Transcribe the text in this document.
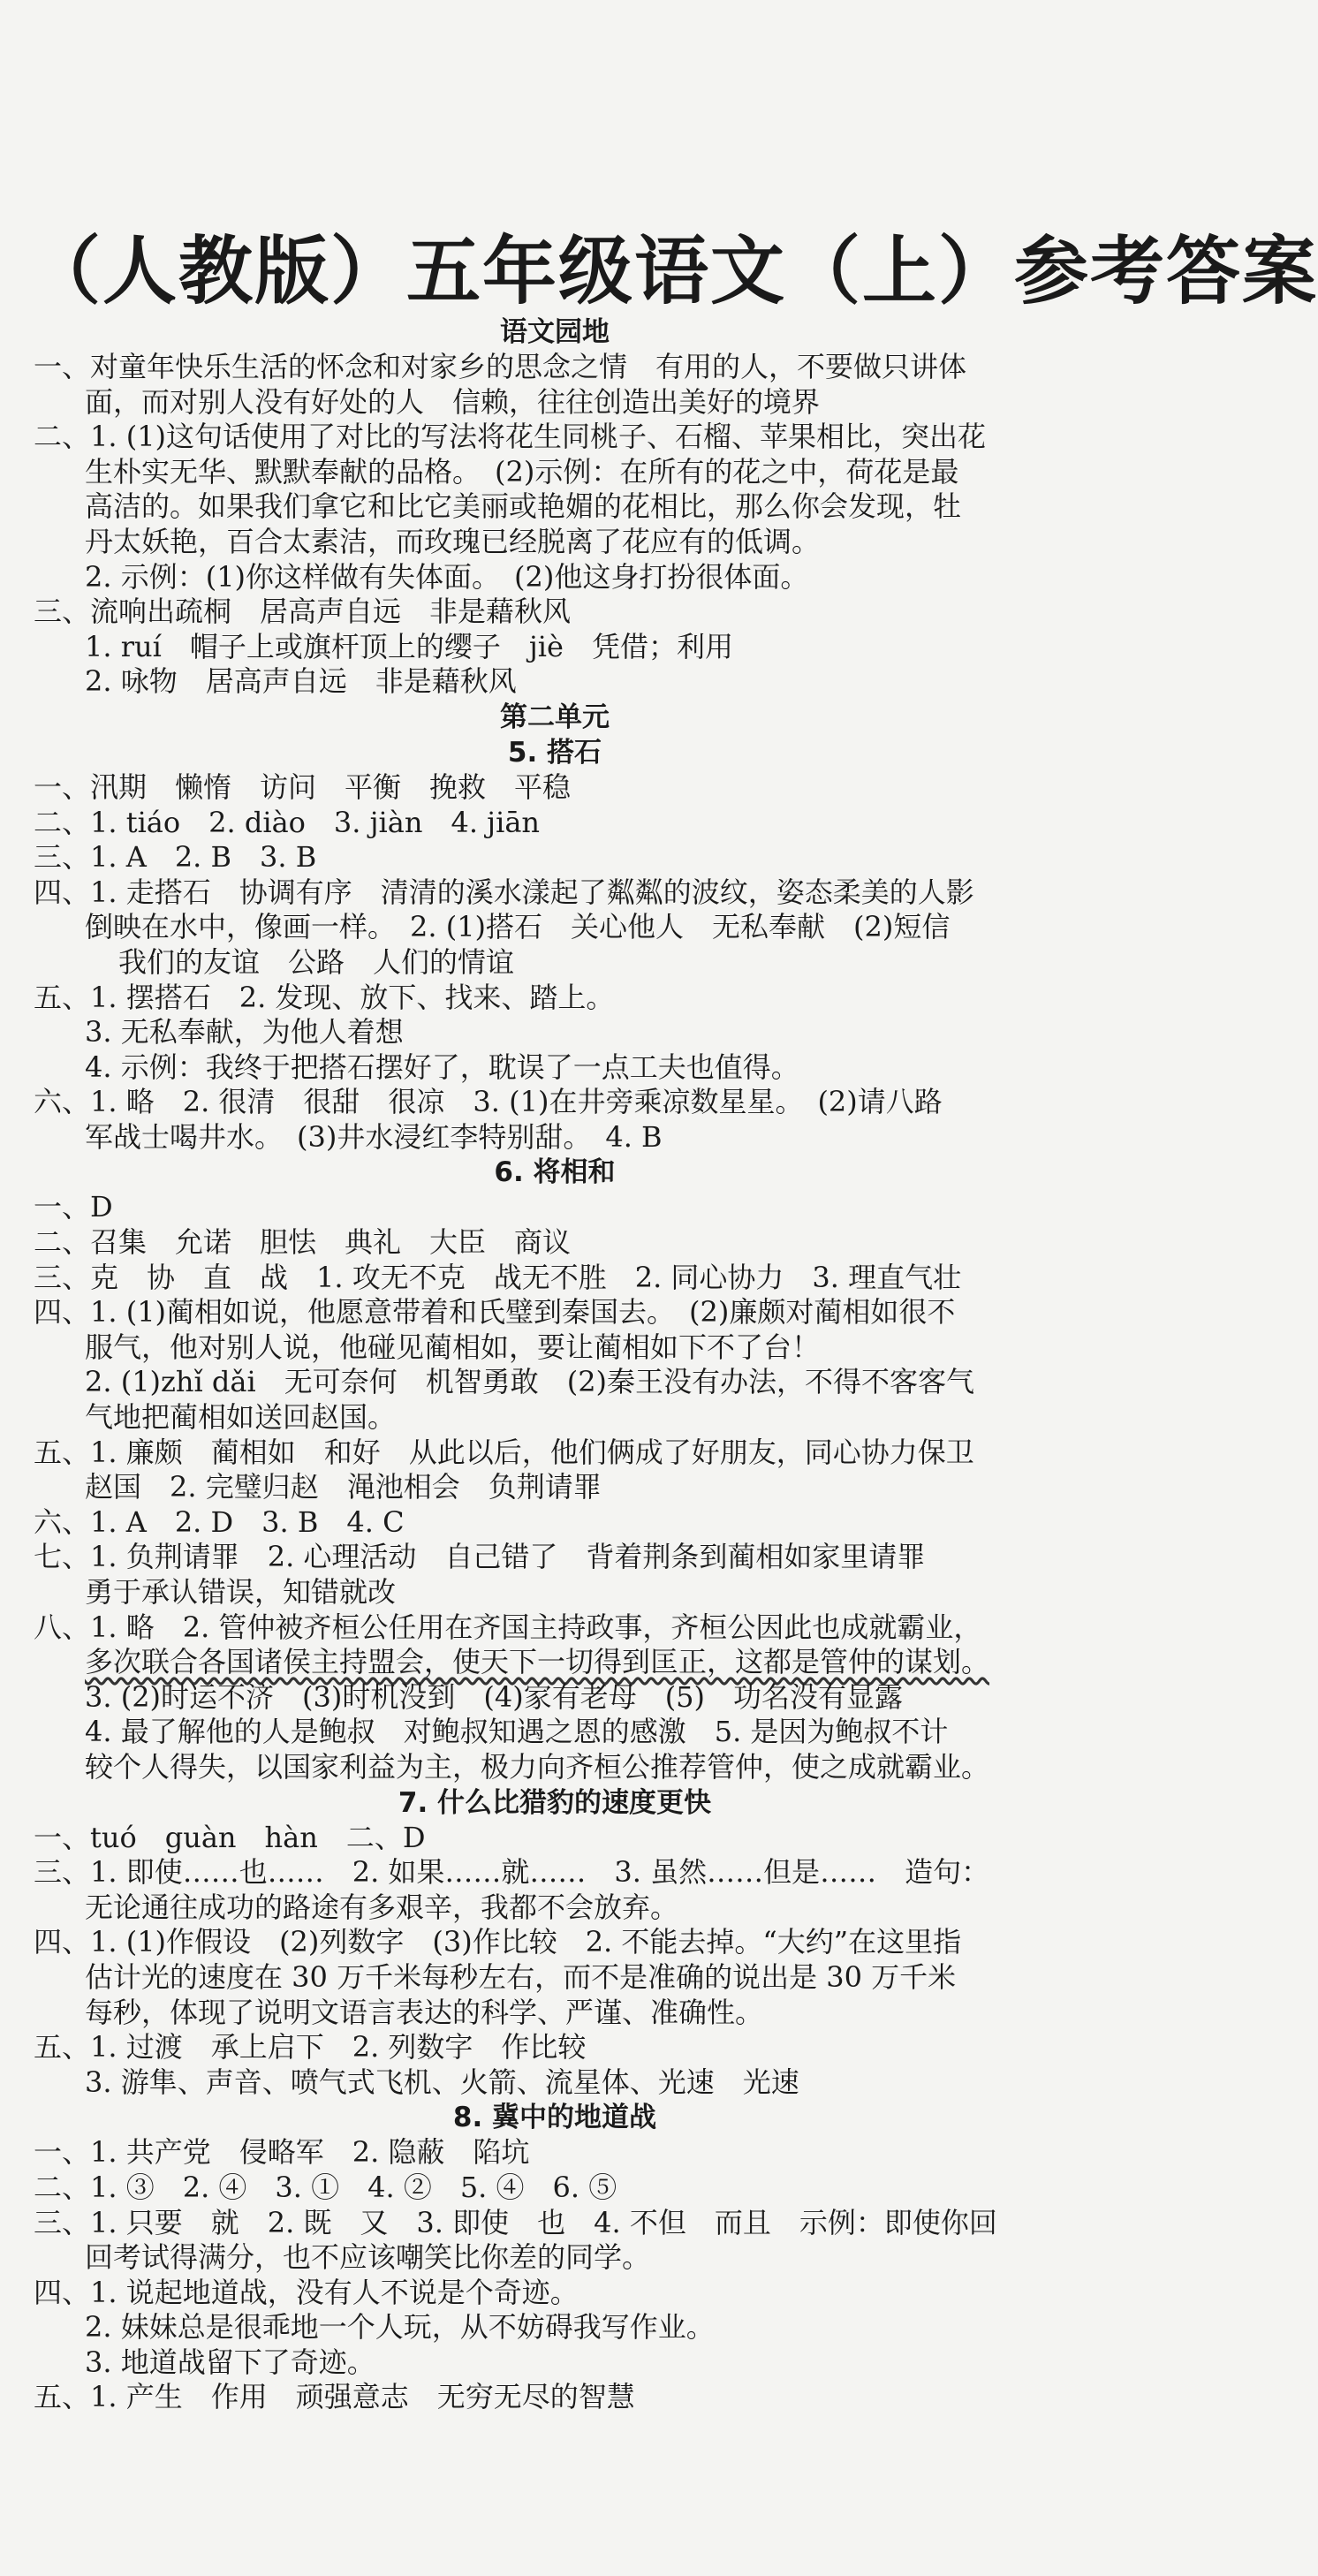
（人教版）五年级语文（上）参考答案
语文园地
一、对童年快乐生活的怀念和对家乡的思念之情　有用的人，不要做只讲体
面，而对别人没有好处的人　信赖，往往创造出美好的境界
二、1. (1)这句话使用了对比的写法将花生同桃子、石榴、苹果相比，突出花
生朴实无华、默默奉献的品格。　(2)示例：在所有的花之中，荷花是最
高洁的。如果我们拿它和比它美丽或艳媚的花相比，那么你会发现，牡
丹太妖艳，百合太素洁，而玫瑰已经脱离了花应有的低调。
2. 示例：(1)你这样做有失体面。　(2)他这身打扮很体面。
三、流响出疏桐　居高声自远　非是藉秋风
1. ruí　帽子上或旗杆顶上的缨子　jiè　凭借；利用
2. 咏物　居高声自远　非是藉秋风
第二单元
5. 搭石
一、汛期　懒惰　访问　平衡　挽救　平稳
二、1. tiáo　2. diào　3. jiàn　4. jiān
三、1. A　2. B　3. B
四、1. 走搭石　协调有序　清清的溪水漾起了粼粼的波纹，姿态柔美的人影
倒映在水中，像画一样。　2. (1)搭石　关心他人　无私奉献　(2)短信
我们的友谊　公路　人们的情谊
五、1. 摆搭石　2. 发现、放下、找来、踏上。
3. 无私奉献，为他人着想
4. 示例：我终于把搭石摆好了，耽误了一点工夫也值得。
六、1. 略　2. 很清　很甜　很凉　3. (1)在井旁乘凉数星星。　(2)请八路
军战士喝井水。　(3)井水浸红李特别甜。　4. B
6. 将相和
一、D
二、召集　允诺　胆怯　典礼　大臣　商议
三、克　协　直　战　1. 攻无不克　战无不胜　2. 同心协力　3. 理直气壮
四、1. (1)蔺相如说，他愿意带着和氏璧到秦国去。　(2)廉颇对蔺相如很不
服气，他对别人说，他碰见蔺相如，要让蔺相如下不了台！
2. (1)zhǐ dǎi　无可奈何　机智勇敢　(2)秦王没有办法，不得不客客气
气地把蔺相如送回赵国。
五、1. 廉颇　蔺相如　和好　从此以后，他们俩成了好朋友，同心协力保卫
赵国　2. 完璧归赵　渑池相会　负荆请罪
六、1. A　2. D　3. B　4. C
七、1. 负荆请罪　2. 心理活动　自己错了　背着荆条到蔺相如家里请罪
勇于承认错误，知错就改
八、1. 略　2. 管仲被齐桓公任用在齐国主持政事，齐桓公因此也成就霸业，
多次联合各国诸侯主持盟会，使天下一切得到匡正，这都是管仲的谋划。
3. (2)时运不济　(3)时机没到　(4)家有老母　(5)　功名没有显露
4. 最了解他的人是鲍叔　对鲍叔知遇之恩的感激　5. 是因为鲍叔不计
较个人得失，以国家利益为主，极力向齐桓公推荐管仲，使之成就霸业。
7. 什么比猎豹的速度更快
一、tuó　guàn　hàn　二、D
三、1. 即使……也……　2. 如果……就……　3. 虽然……但是……　造句：
无论通往成功的路途有多艰辛，我都不会放弃。
四、1. (1)作假设　(2)列数字　(3)作比较　2. 不能去掉。“大约”在这里指
估计光的速度在 30 万千米每秒左右，而不是准确的说出是 30 万千米
每秒，体现了说明文语言表达的科学、严谨、准确性。
五、1. 过渡　承上启下　2. 列数字　作比较
3. 游隼、声音、喷气式飞机、火箭、流星体、光速　光速
8. 冀中的地道战
一、1. 共产党　侵略军　2. 隐蔽　陷坑
二、1. ③　2. ④　3. ①　4. ②　5. ④　6. ⑤
三、1. 只要　就　2. 既　又　3. 即使　也　4. 不但　而且　示例：即使你回
回考试得满分，也不应该嘲笑比你差的同学。
四、1. 说起地道战，没有人不说是个奇迹。
2. 妹妹总是很乖地一个人玩，从不妨碍我写作业。
3. 地道战留下了奇迹。
五、1. 产生　作用　顽强意志　无穷无尽的智慧
